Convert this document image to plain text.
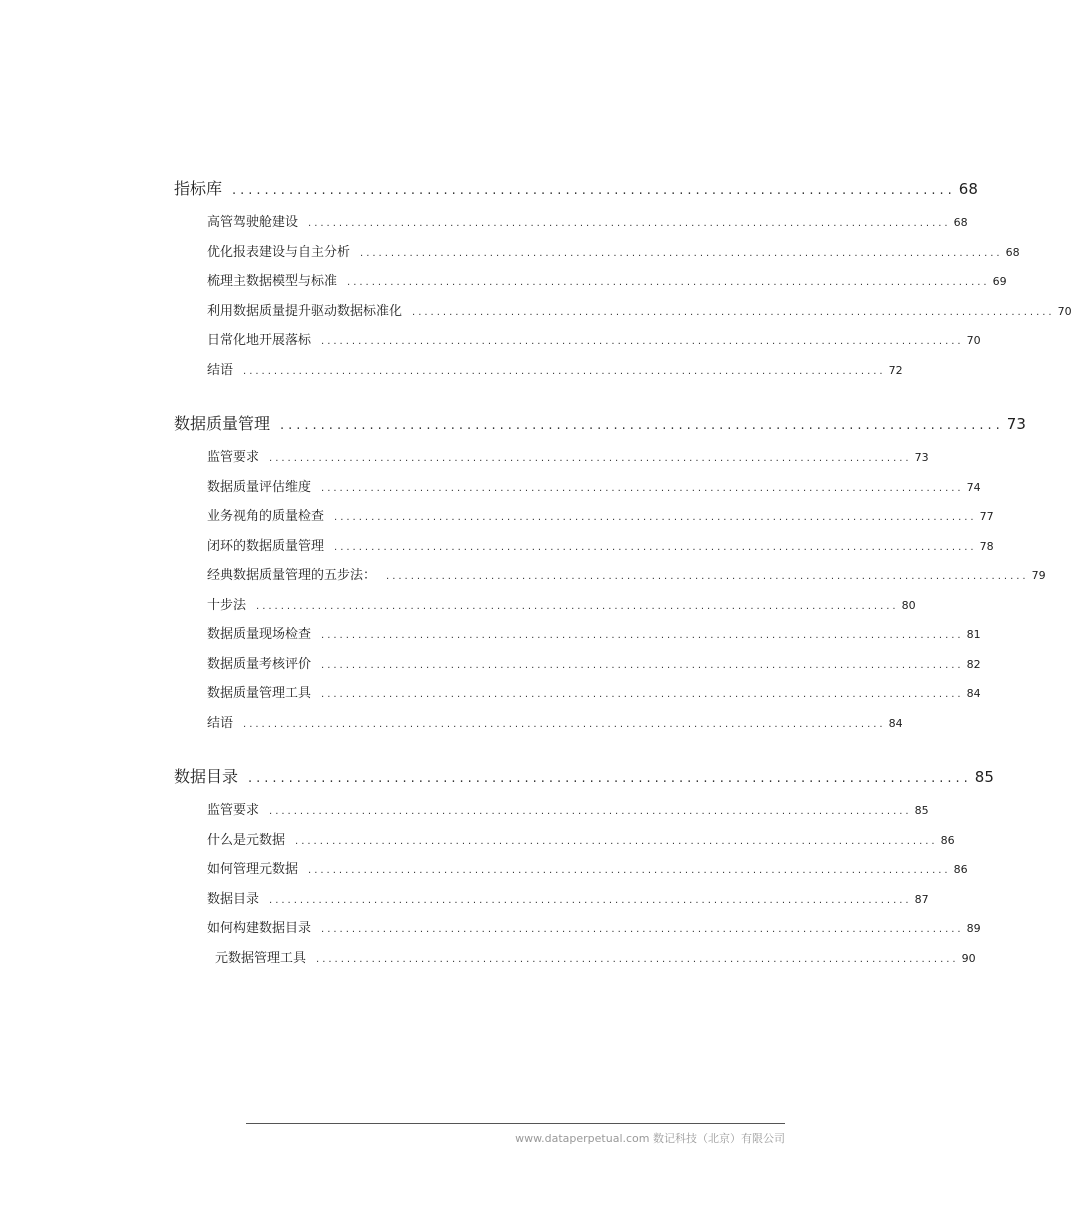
指标库 ......................................................................................... 68
高管驾驶舱建设 ........................................................................................................ 68
优化报表建设与自主分析 ........................................................................................................ 68
梳理主数据模型与标准 ........................................................................................................ 69
利用数据质量提升驱动数据标准化 ........................................................................................................ 70
日常化地开展落标 ........................................................................................................ 70
结语 ........................................................................................................ 72
数据质量管理 ......................................................................................... 73
监管要求 ........................................................................................................ 73
数据质量评估维度 ........................................................................................................ 74
业务视角的质量检查 ........................................................................................................ 77
闭环的数据质量管理 ........................................................................................................ 78
经典数据质量管理的五步法： ........................................................................................................ 79
十步法 ........................................................................................................ 80
数据质量现场检查 ........................................................................................................ 81
数据质量考核评价 ........................................................................................................ 82
数据质量管理工具 ........................................................................................................ 84
结语 ........................................................................................................ 84
数据目录 ......................................................................................... 85
监管要求 ........................................................................................................ 85
什么是元数据 ........................................................................................................ 86
如何管理元数据 ........................................................................................................ 86
数据目录 ........................................................................................................ 87
如何构建数据目录 ........................................................................................................ 89
元数据管理工具 ........................................................................................................ 90
www.dataperpetual.com 数记科技（北京）有限公司
